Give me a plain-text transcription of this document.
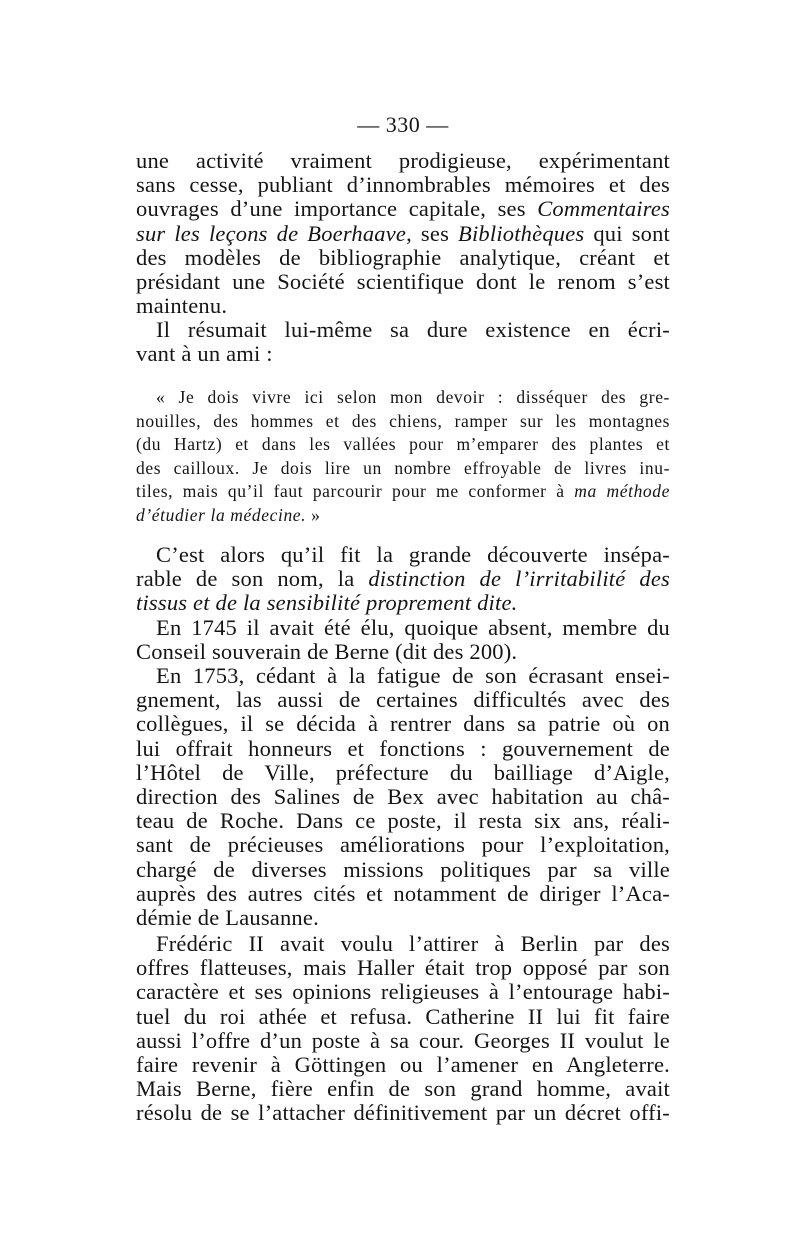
— 330 —
une activité vraiment prodigieuse, expérimentant
sans cesse, publiant d’innombrables mémoires et des
ouvrages d’une importance capitale, ses Commentaires
sur les leçons de Boerhaave, ses Bibliothèques qui sont
des modèles de bibliographie analytique, créant et
présidant une Société scientifique dont le renom s’est
maintenu.
Il résumait lui-même sa dure existence en écri-
vant à un ami :
« Je dois vivre ici selon mon devoir : disséquer des gre-
nouilles, des hommes et des chiens, ramper sur les montagnes
(du Hartz) et dans les vallées pour m’emparer des plantes et
des cailloux. Je dois lire un nombre effroyable de livres inu-
tiles, mais qu’il faut parcourir pour me conformer à ma méthode
d’étudier la médecine. »
C’est alors qu’il fit la grande découverte insépa-
rable de son nom, la distinction de l’irritabilité des
tissus et de la sensibilité proprement dite.
En 1745 il avait été élu, quoique absent, membre du
Conseil souverain de Berne (dit des 200).
En 1753, cédant à la fatigue de son écrasant ensei-
gnement, las aussi de certaines difficultés avec des
collègues, il se décida à rentrer dans sa patrie où on
lui offrait honneurs et fonctions : gouvernement de
l’Hôtel de Ville, préfecture du bailliage d’Aigle,
direction des Salines de Bex avec habitation au châ-
teau de Roche. Dans ce poste, il resta six ans, réali-
sant de précieuses améliorations pour l’exploitation,
chargé de diverses missions politiques par sa ville
auprès des autres cités et notamment de diriger l’Aca-
démie de Lausanne.
Frédéric II avait voulu l’attirer à Berlin par des
offres flatteuses, mais Haller était trop opposé par son
caractère et ses opinions religieuses à l’entourage habi-
tuel du roi athée et refusa. Catherine II lui fit faire
aussi l’offre d’un poste à sa cour. Georges II voulut le
faire revenir à Göttingen ou l’amener en Angleterre.
Mais Berne, fière enfin de son grand homme, avait
résolu de se l’attacher définitivement par un décret offi-
